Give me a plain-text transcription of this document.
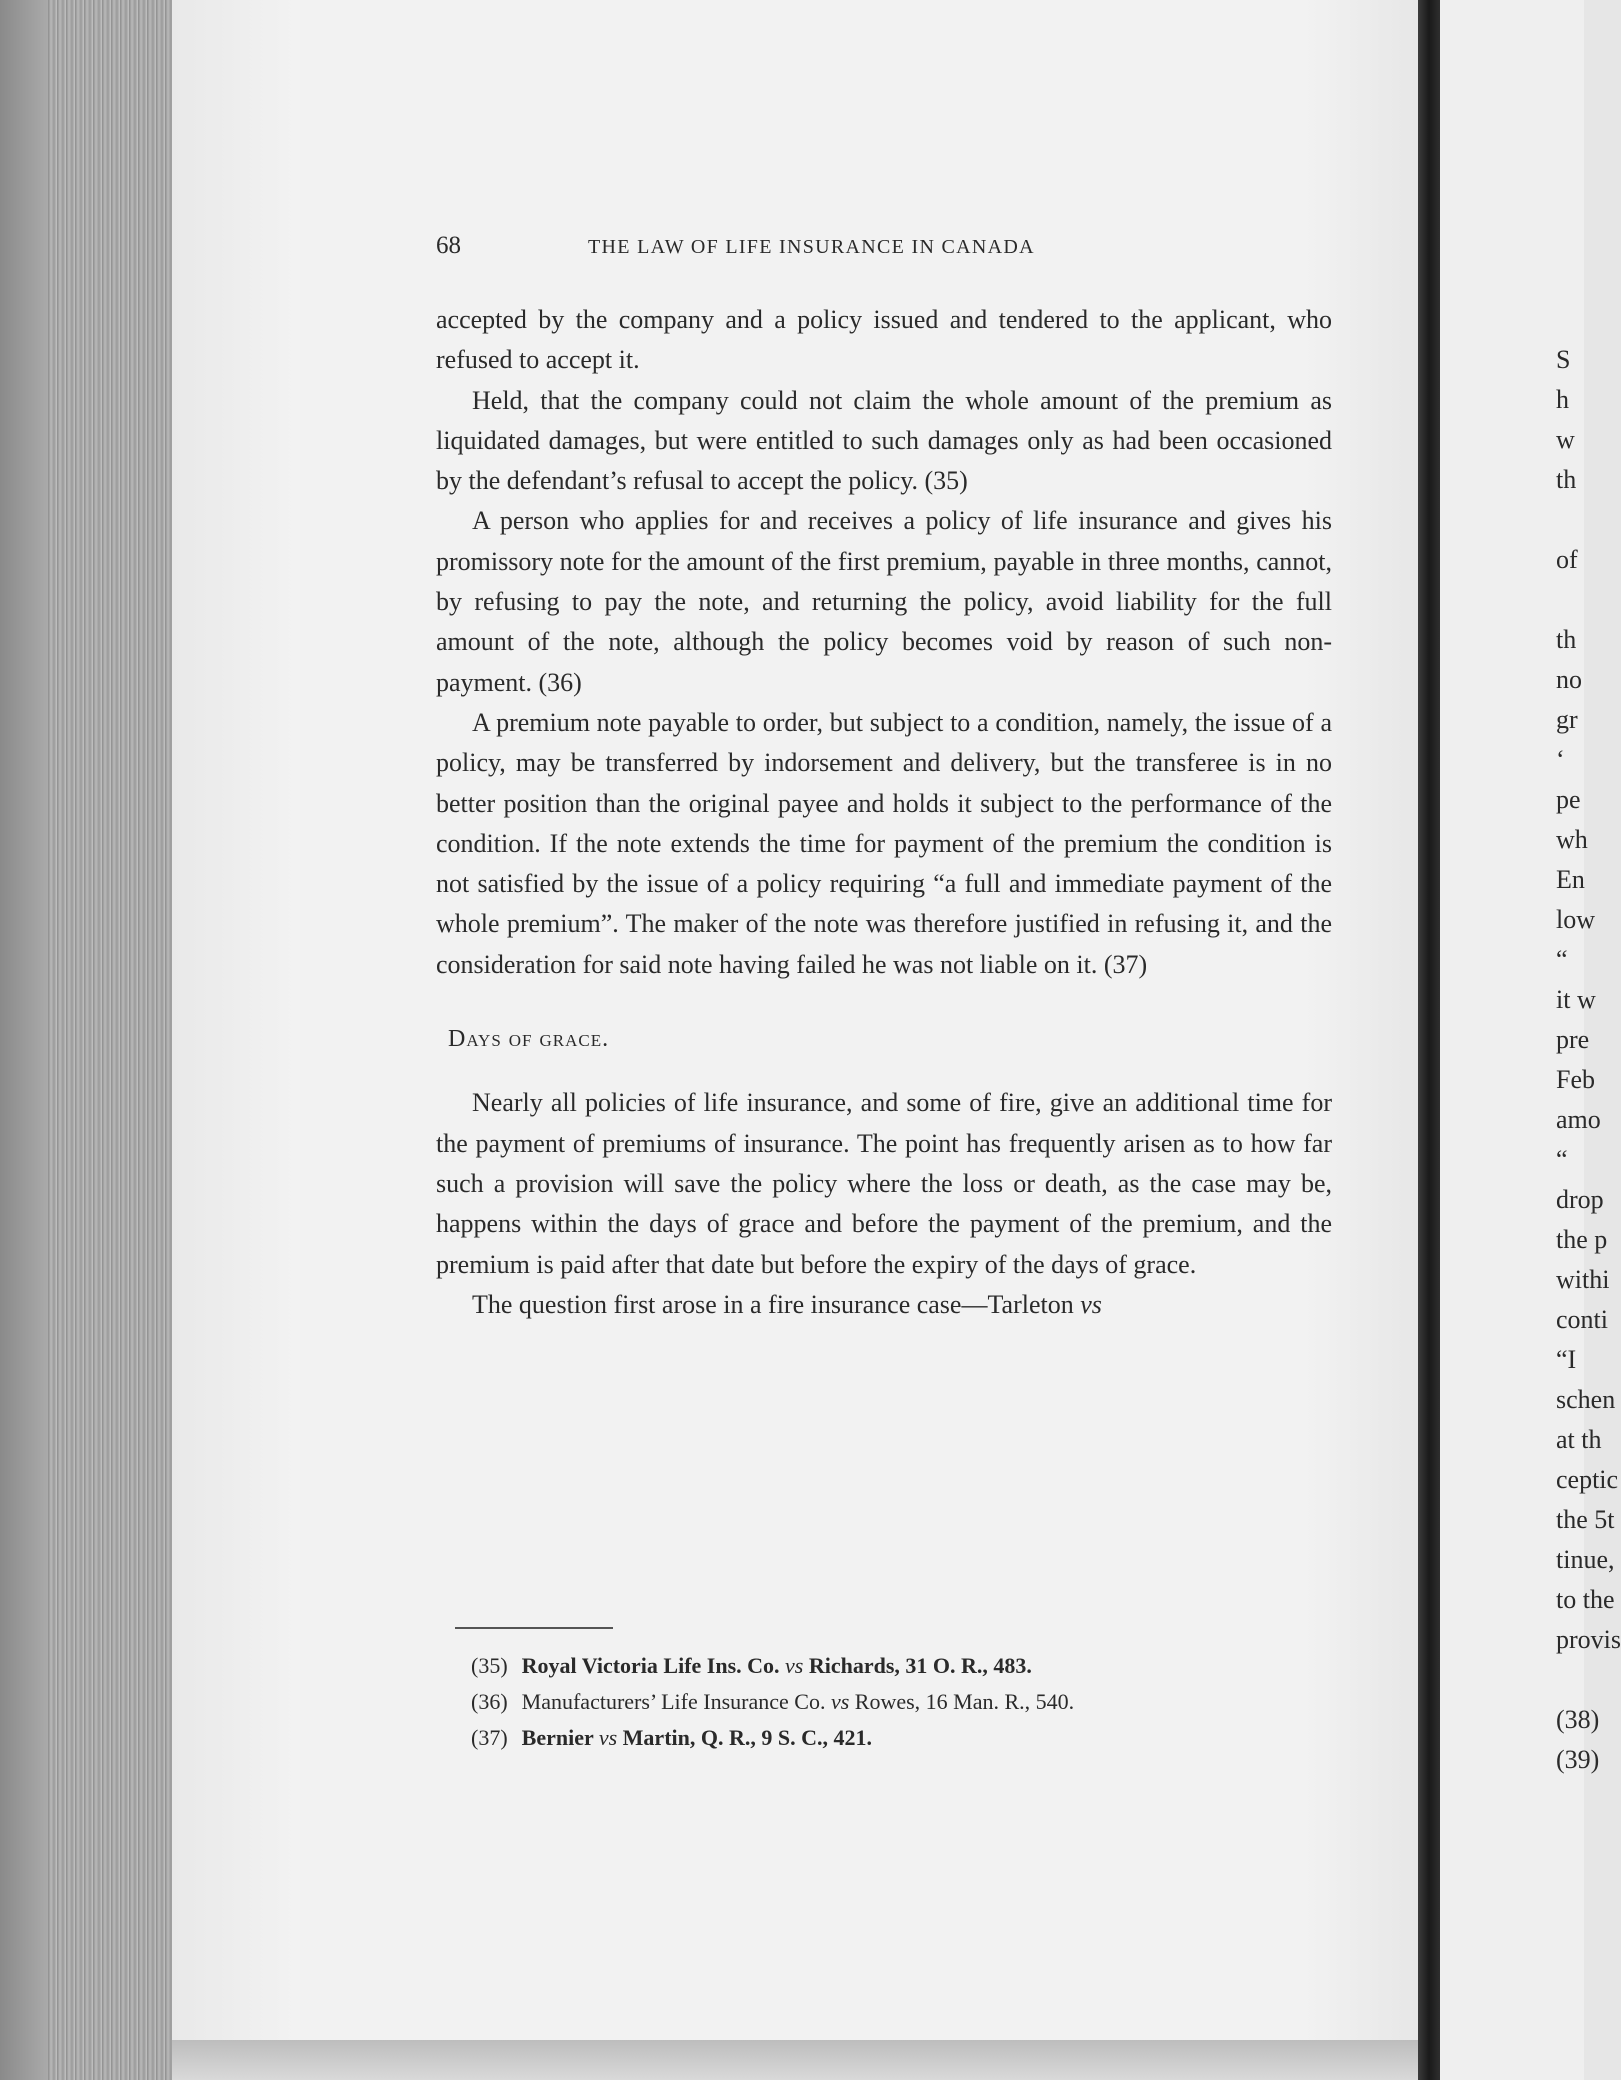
68	THE LAW OF LIFE INSURANCE IN CANADA

accepted by the company and a policy issued and tendered to the applicant, who refused to accept it.

Held, that the company could not claim the whole amount of the premium as liquidated damages, but were entitled to such damages only as had been occasioned by the defendant’s refusal to accept the policy. (35)

A person who applies for and receives a policy of life insurance and gives his promissory note for the amount of the first premium, payable in three months, cannot, by refusing to pay the note, and returning the policy, avoid liability for the full amount of the note, although the policy becomes void by reason of such non-payment. (36)

A premium note payable to order, but subject to a condition, namely, the issue of a policy, may be transferred by indorsement and delivery, but the transferee is in no better position than the original payee and holds it subject to the performance of the condition. If the note extends the time for payment of the premium the condition is not satisfied by the issue of a policy requiring “a full and immediate payment of the whole premium”. The maker of the note was therefore justified in refusing it, and the consideration for said note having failed he was not liable on it. (37)

Days of grace.

Nearly all policies of life insurance, and some of fire, give an additional time for the payment of premiums of insurance. The point has frequently arisen as to how far such a provision will save the policy where the loss or death, as the case may be, happens within the days of grace and before the payment of the premium, and the premium is paid after that date but before the expiry of the days of grace.

The question first arose in a fire insurance case—Tarleton vs

(35) Royal Victoria Life Ins. Co. vs Richards, 31 O. R., 483.

(36) Manufacturers’ Life Insurance Co. vs Rowes, 16 Man. R., 540.

(37) Bernier vs Martin, Q. R., 9 S. C., 421.

S
h
w
th
of
th
no
gr
‘
pe
wh
En
low
“
it w
pre
Feb
amo
“
drop
the p
withi
conti
“I
schen
at th
ceptic
the 5t
tinue,
to the
provis
(38)
(39)
